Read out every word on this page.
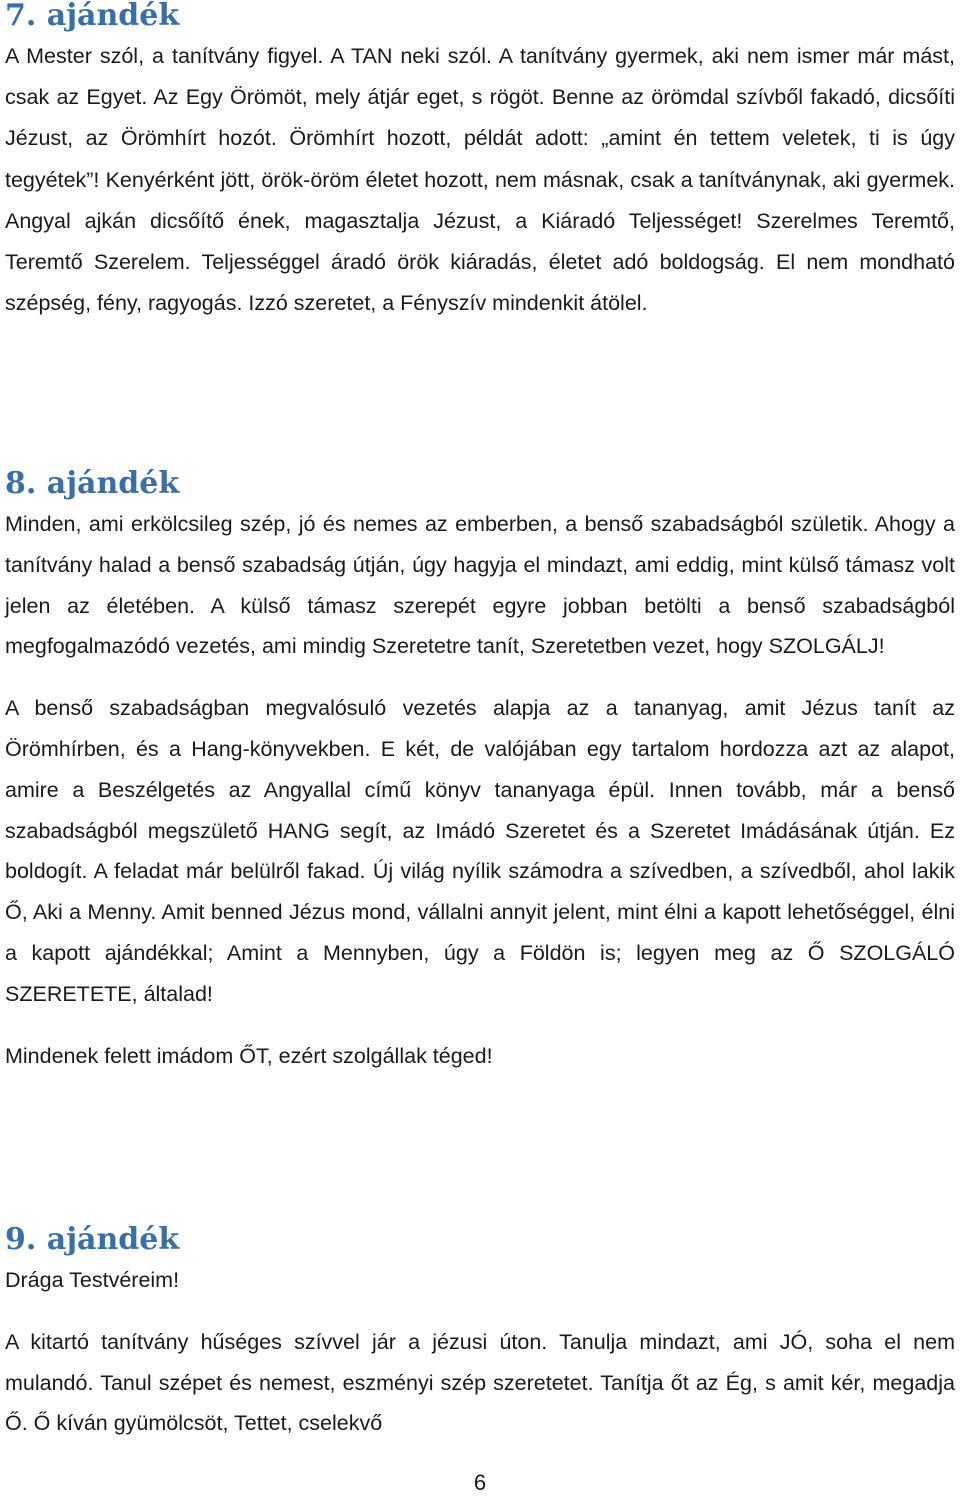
7. ajándék

A Mester szól, a tanítvány figyel. A TAN neki szól. A tanítvány gyermek, aki nem ismer már mást, csak az Egyet. Az Egy Örömöt, mely átjár eget, s rögöt. Benne az örömdal szívből fakadó, dicsőíti Jézust, az Örömhírt hozót. Örömhírt hozott, példát adott: „amint én tettem veletek, ti is úgy tegyétek”! Kenyérként jött, örök-öröm életet hozott, nem másnak, csak a tanítványnak, aki gyermek. Angyal ajkán dicsőítő ének, magasztalja Jézust, a Kiáradó Teljességet! Szerelmes Teremtő, Teremtő Szerelem. Teljességgel áradó örök kiáradás, életet adó boldogság. El nem mondható szépség, fény, ragyogás. Izzó szeretet, a Fényszív mindenkit átölel.

8. ajándék

Minden, ami erkölcsileg szép, jó és nemes az emberben, a benső szabadságból születik. Ahogy a tanítvány halad a benső szabadság útján, úgy hagyja el mindazt, ami eddig, mint külső támasz volt jelen az életében. A külső támasz szerepét egyre jobban betölti a benső szabadságból megfogalmazódó vezetés, ami mindig Szeretetre tanít, Szeretetben vezet, hogy SZOLGÁLJ!

A benső szabadságban megvalósuló vezetés alapja az a tananyag, amit Jézus tanít az Örömhírben, és a Hang-könyvekben. E két, de valójában egy tartalom hordozza azt az alapot, amire a Beszélgetés az Angyallal című könyv tananyaga épül. Innen tovább, már a benső szabadságból megszülető HANG segít, az Imádó Szeretet és a Szeretet Imádásának útján. Ez boldogít. A feladat már belülről fakad. Új világ nyílik számodra a szívedben, a szívedből, ahol lakik Ő, Aki a Menny. Amit benned Jézus mond, vállalni annyit jelent, mint élni a kapott lehetőséggel, élni a kapott ajándékkal; Amint a Mennyben, úgy a Földön is; legyen meg az Ő SZOLGÁLÓ SZERETETE, általad!

Mindenek felett imádom ŐT, ezért szolgállak téged!

9. ajándék

Drága Testvéreim!

A kitartó tanítvány hűséges szívvel jár a jézusi úton. Tanulja mindazt, ami JÓ, soha el nem mulandó. Tanul szépet és nemest, eszményi szép szeretetet. Tanítja őt az Ég, s amit kér, megadja Ő. Ő kíván gyümölcsöt, Tettet, cselekvő

6
